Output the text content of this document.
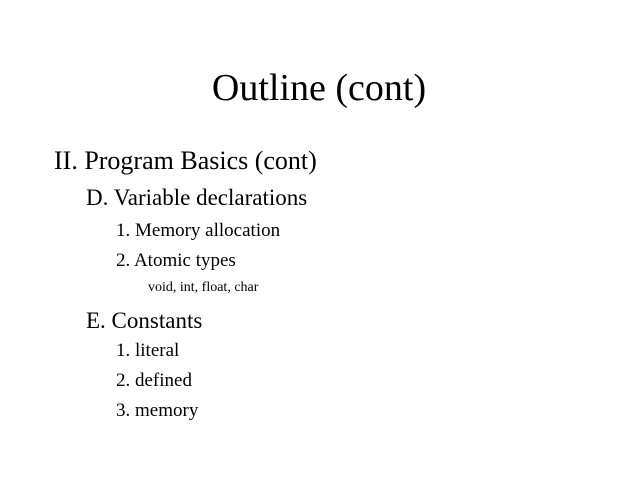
Outline (cont)
II. Program Basics (cont)
D. Variable declarations
1. Memory allocation
2. Atomic types
void, int, float, char
E. Constants
1. literal
2. defined
3. memory
